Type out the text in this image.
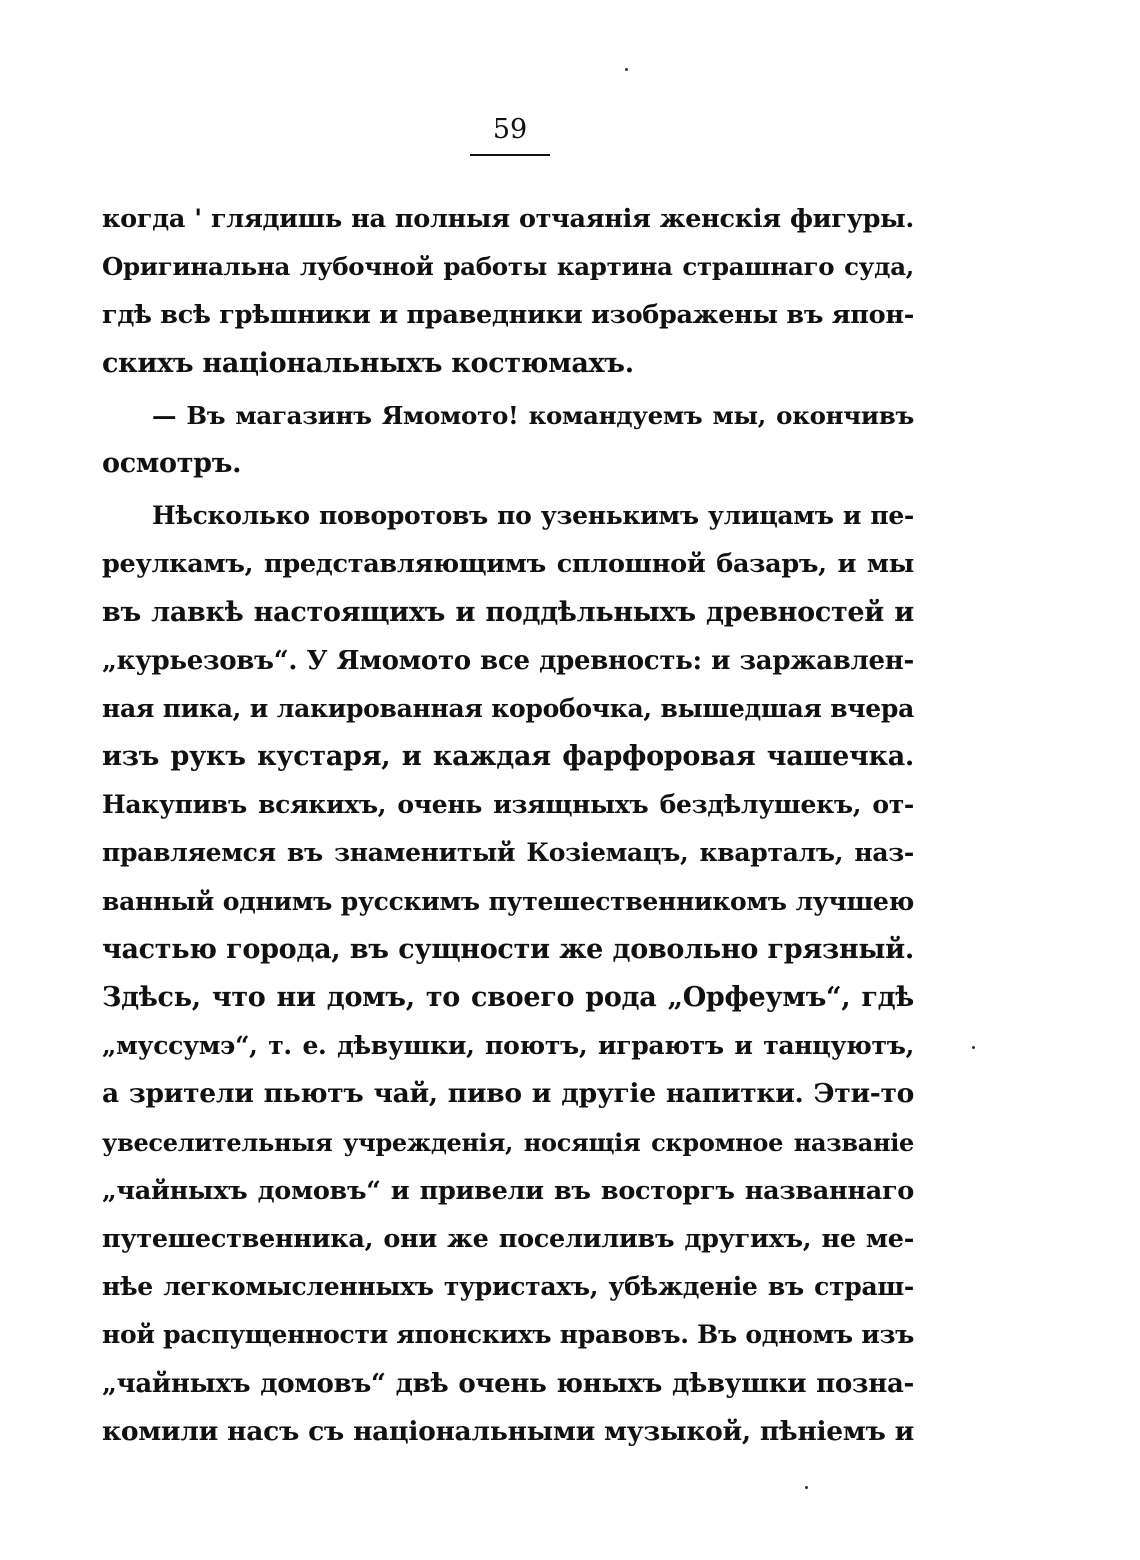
59
когда ' глядишь на полныя отчаянія женскія фигуры.
Оригинальна лубочной работы картина страшнаго суда,
гдѣ всѣ грѣшники и праведники изображены въ япон-
скихъ національныхъ костюмахъ.
— Въ магазинъ Ямомото! командуемъ мы, окончивъ
осмотръ.
Нѣсколько поворотовъ по узенькимъ улицамъ и пе-
реулкамъ, представляющимъ сплошной базаръ, и мы
въ лавкѣ настоящихъ и поддѣльныхъ древностей и
„курьезовъ“. У Ямомото все древность: и заржавлен-
ная пика, и лакированная коробочка, вышедшая вчера
изъ рукъ кустаря, и каждая фарфоровая чашечка.
Накупивъ всякихъ, очень изящныхъ бездѣлушекъ, от-
правляемся въ знаменитый Козіемацъ, кварталъ, наз-
ванный однимъ русскимъ путешественникомъ лучшею
частью города, въ сущности же довольно грязный.
Здѣсь, что ни домъ, то своего рода „Орфеумъ“, гдѣ
„муссумэ“, т. е. дѣвушки, поютъ, играютъ и танцуютъ,
а зрители пьютъ чай, пиво и другіе напитки. Эти-то
увеселительныя учрежденія, носящія скромное названіе
„чайныхъ домовъ“ и привели въ восторгъ названнаго
путешественника, они же поселиливъ другихъ, не ме-
нѣе легкомысленныхъ туристахъ, убѣжденіе въ страш-
ной распущенности японскихъ нравовъ. Въ одномъ изъ
„чайныхъ домовъ“ двѣ очень юныхъ дѣвушки позна-
комили насъ съ національными музыкой, пѣніемъ и
